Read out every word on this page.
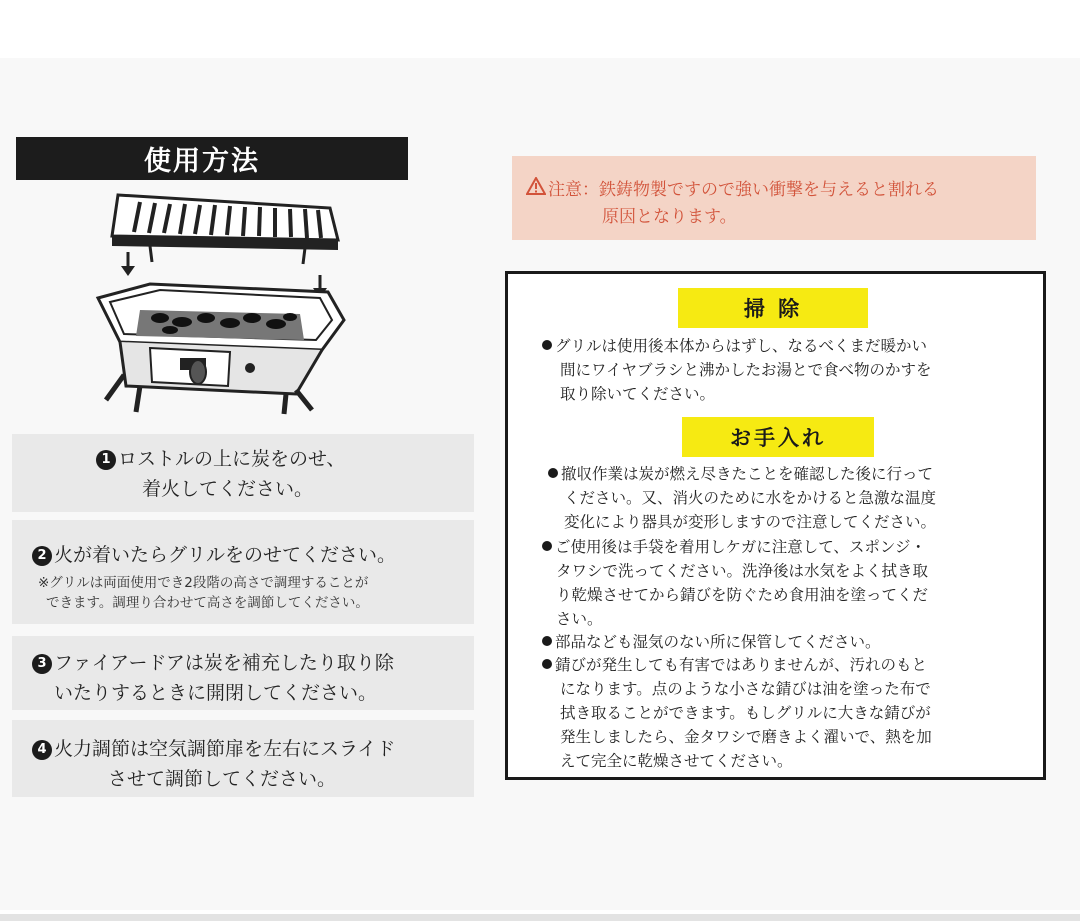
使用方法
1 ロストルの上に炭をのせ、
着火してください。
2 火が着いたらグリルをのせてください。
※グリルは両面使用でき2段階の高さで調理することが
できます。調理り合わせて高さを調節してください。
3 ファイアードアは炭を補充したり取り除
いたりするときに開閉してください。
4 火力調節は空気調節扉を左右にスライド
させて調節してください。
注意：鉄鋳物製ですので強い衝撃を与えると割れる
原因となります。
掃 除
グリルは使用後本体からはずし、なるべくまだ暖かい
間にワイヤブラシと沸かしたお湯とで食べ物のかすを
取り除いてください。
お手入れ
撤収作業は炭が燃え尽きたことを確認した後に行って
ください。又、消火のために水をかけると急激な温度
変化により器具が変形しますので注意してください。
ご使用後は手袋を着用しケガに注意して、スポンジ・
タワシで洗ってください。洗浄後は水気をよく拭き取
り乾燥させてから錆びを防ぐため食用油を塗ってくだ
さい。
部品なども湿気のない所に保管してください。
錆びが発生しても有害ではありませんが、汚れのもと
になります。点のような小さな錆びは油を塗った布で
拭き取ることができます。もしグリルに大きな錆びが
発生しましたら、金タワシで磨きよく濯いで、熱を加
えて完全に乾燥させてください。
